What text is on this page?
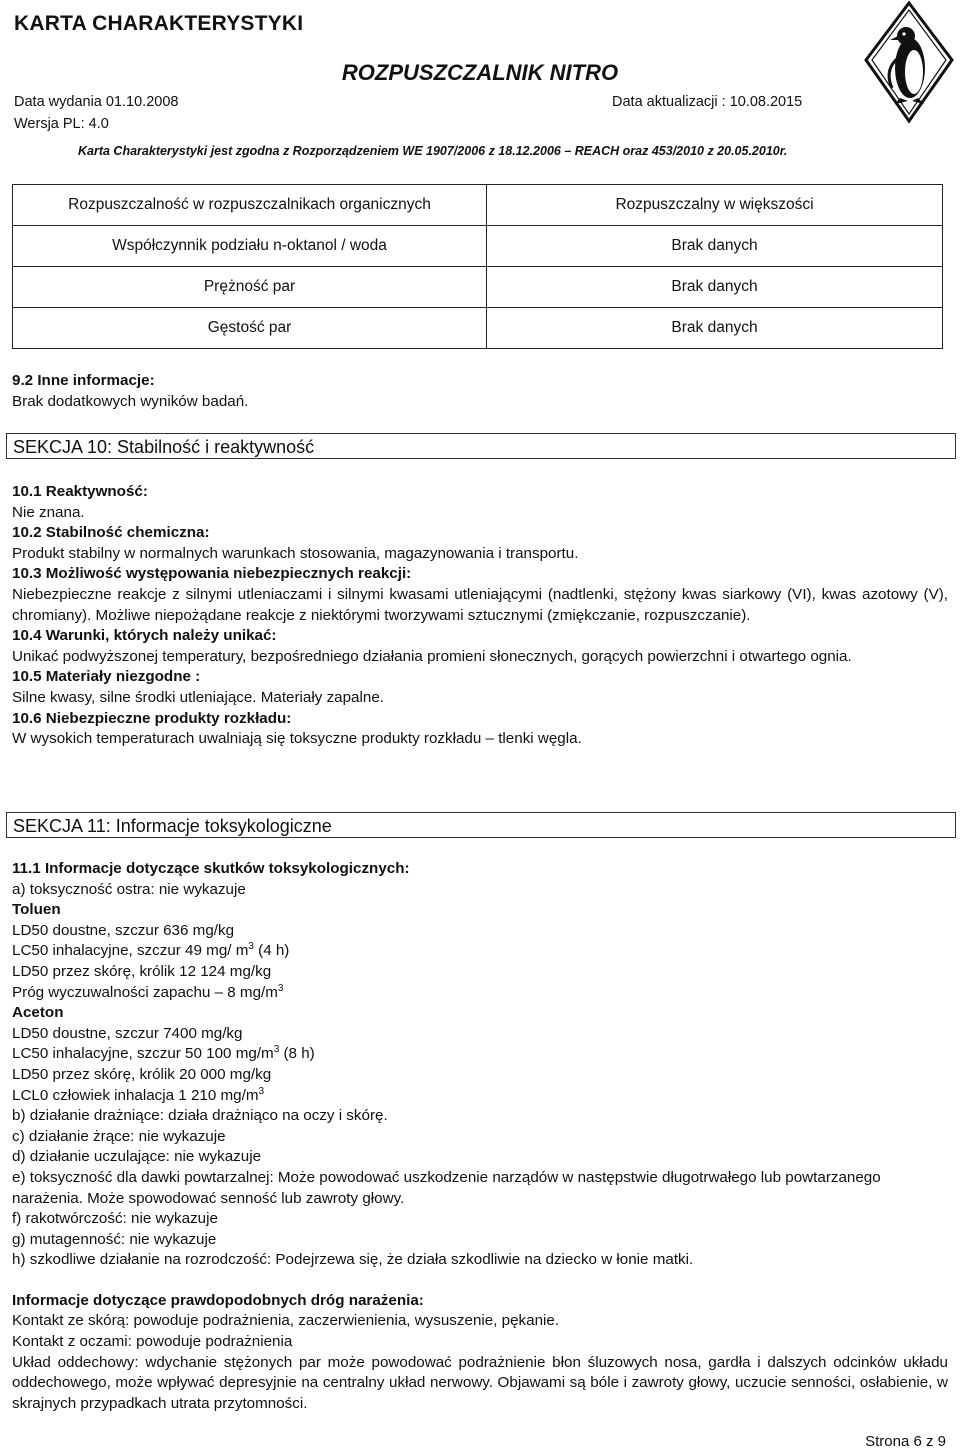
KARTA CHARAKTERYSTYKI
ROZPUSZCZALNIK NITRO
Data wydania 01.10.2008	Data aktualizacji : 10.08.2015
Wersja PL: 4.0
Karta Charakterystyki jest zgodna z Rozporządzeniem WE 1907/2006 z 18.12.2006 – REACH oraz 453/2010 z 20.05.2010r.
Rozpuszczalność w rozpuszczalnikach organicznych	Rozpuszczalny w większości
Współczynnik podziału n-oktanol / woda	Brak danych
Prężność par	Brak danych
Gęstość par	Brak danych
9.2 Inne informacje:
Brak dodatkowych wyników badań.
SEKCJA 10: Stabilność i reaktywność
10.1 Reaktywność:
Nie znana.
10.2 Stabilność chemiczna:
Produkt stabilny w normalnych warunkach stosowania, magazynowania i transportu.
10.3 Możliwość występowania niebezpiecznych reakcji:
Niebezpieczne reakcje z silnymi utleniaczami i silnymi kwasami utleniającymi (nadtlenki, stężony kwas siarkowy (VI), kwas azotowy (V), chromiany). Możliwe niepożądane reakcje z niektórymi tworzywami sztucznymi (zmiękczanie, rozpuszczanie).
10.4 Warunki, których należy unikać:
Unikać podwyższonej temperatury, bezpośredniego działania promieni słonecznych, gorących powierzchni i otwartego ognia.
10.5 Materiały niezgodne :
Silne kwasy, silne środki utleniające. Materiały zapalne.
10.6 Niebezpieczne produkty rozkładu:
W wysokich temperaturach uwalniają się toksyczne produkty rozkładu – tlenki węgla.
SEKCJA 11: Informacje toksykologiczne
11.1 Informacje dotyczące skutków toksykologicznych:
a) toksyczność ostra: nie wykazuje
Toluen
LD50 doustne, szczur 636 mg/kg
LC50 inhalacyjne, szczur 49 mg/ $m^3$ (4 h)
LD50 przez skórę, królik 12 124 mg/kg
Próg wyczuwalności zapachu – 8 $mg/m^3$
Aceton
LD50 doustne, szczur 7400 mg/kg
LC50 inhalacyjne, szczur 50 100 $mg/m^3$ (8 h)
LD50 przez skórę, królik 20 000 mg/kg
LCL0 człowiek inhalacja 1 210 $mg/m^3$
b) działanie drażniące: działa drażniąco na oczy i skórę.
c) działanie żrące: nie wykazuje
d) działanie uczulające: nie wykazuje
e) toksyczność dla dawki powtarzalnej: Może powodować uszkodzenie narządów w następstwie długotrwałego lub powtarzanego narażenia. Może spowodować senność lub zawroty głowy.
f) rakotwórczość: nie wykazuje
g) mutagenność: nie wykazuje
h) szkodliwe działanie na rozrodczość: Podejrzewa się, że działa szkodliwie na dziecko w łonie matki.
Informacje dotyczące prawdopodobnych dróg narażenia:
Kontakt ze skórą: powoduje podrażnienia, zaczerwienienia, wysuszenie, pękanie.
Kontakt z oczami: powoduje podrażnienia
Układ oddechowy: wdychanie stężonych par może powodować podrażnienie błon śluzowych nosa, gardła i dalszych odcinków układu oddechowego, może wpływać depresyjnie na centralny układ nerwowy. Objawami są bóle i zawroty głowy, uczucie senności, osłabienie, w skrajnych przypadkach utrata przytomności.
Strona 6 z 9
